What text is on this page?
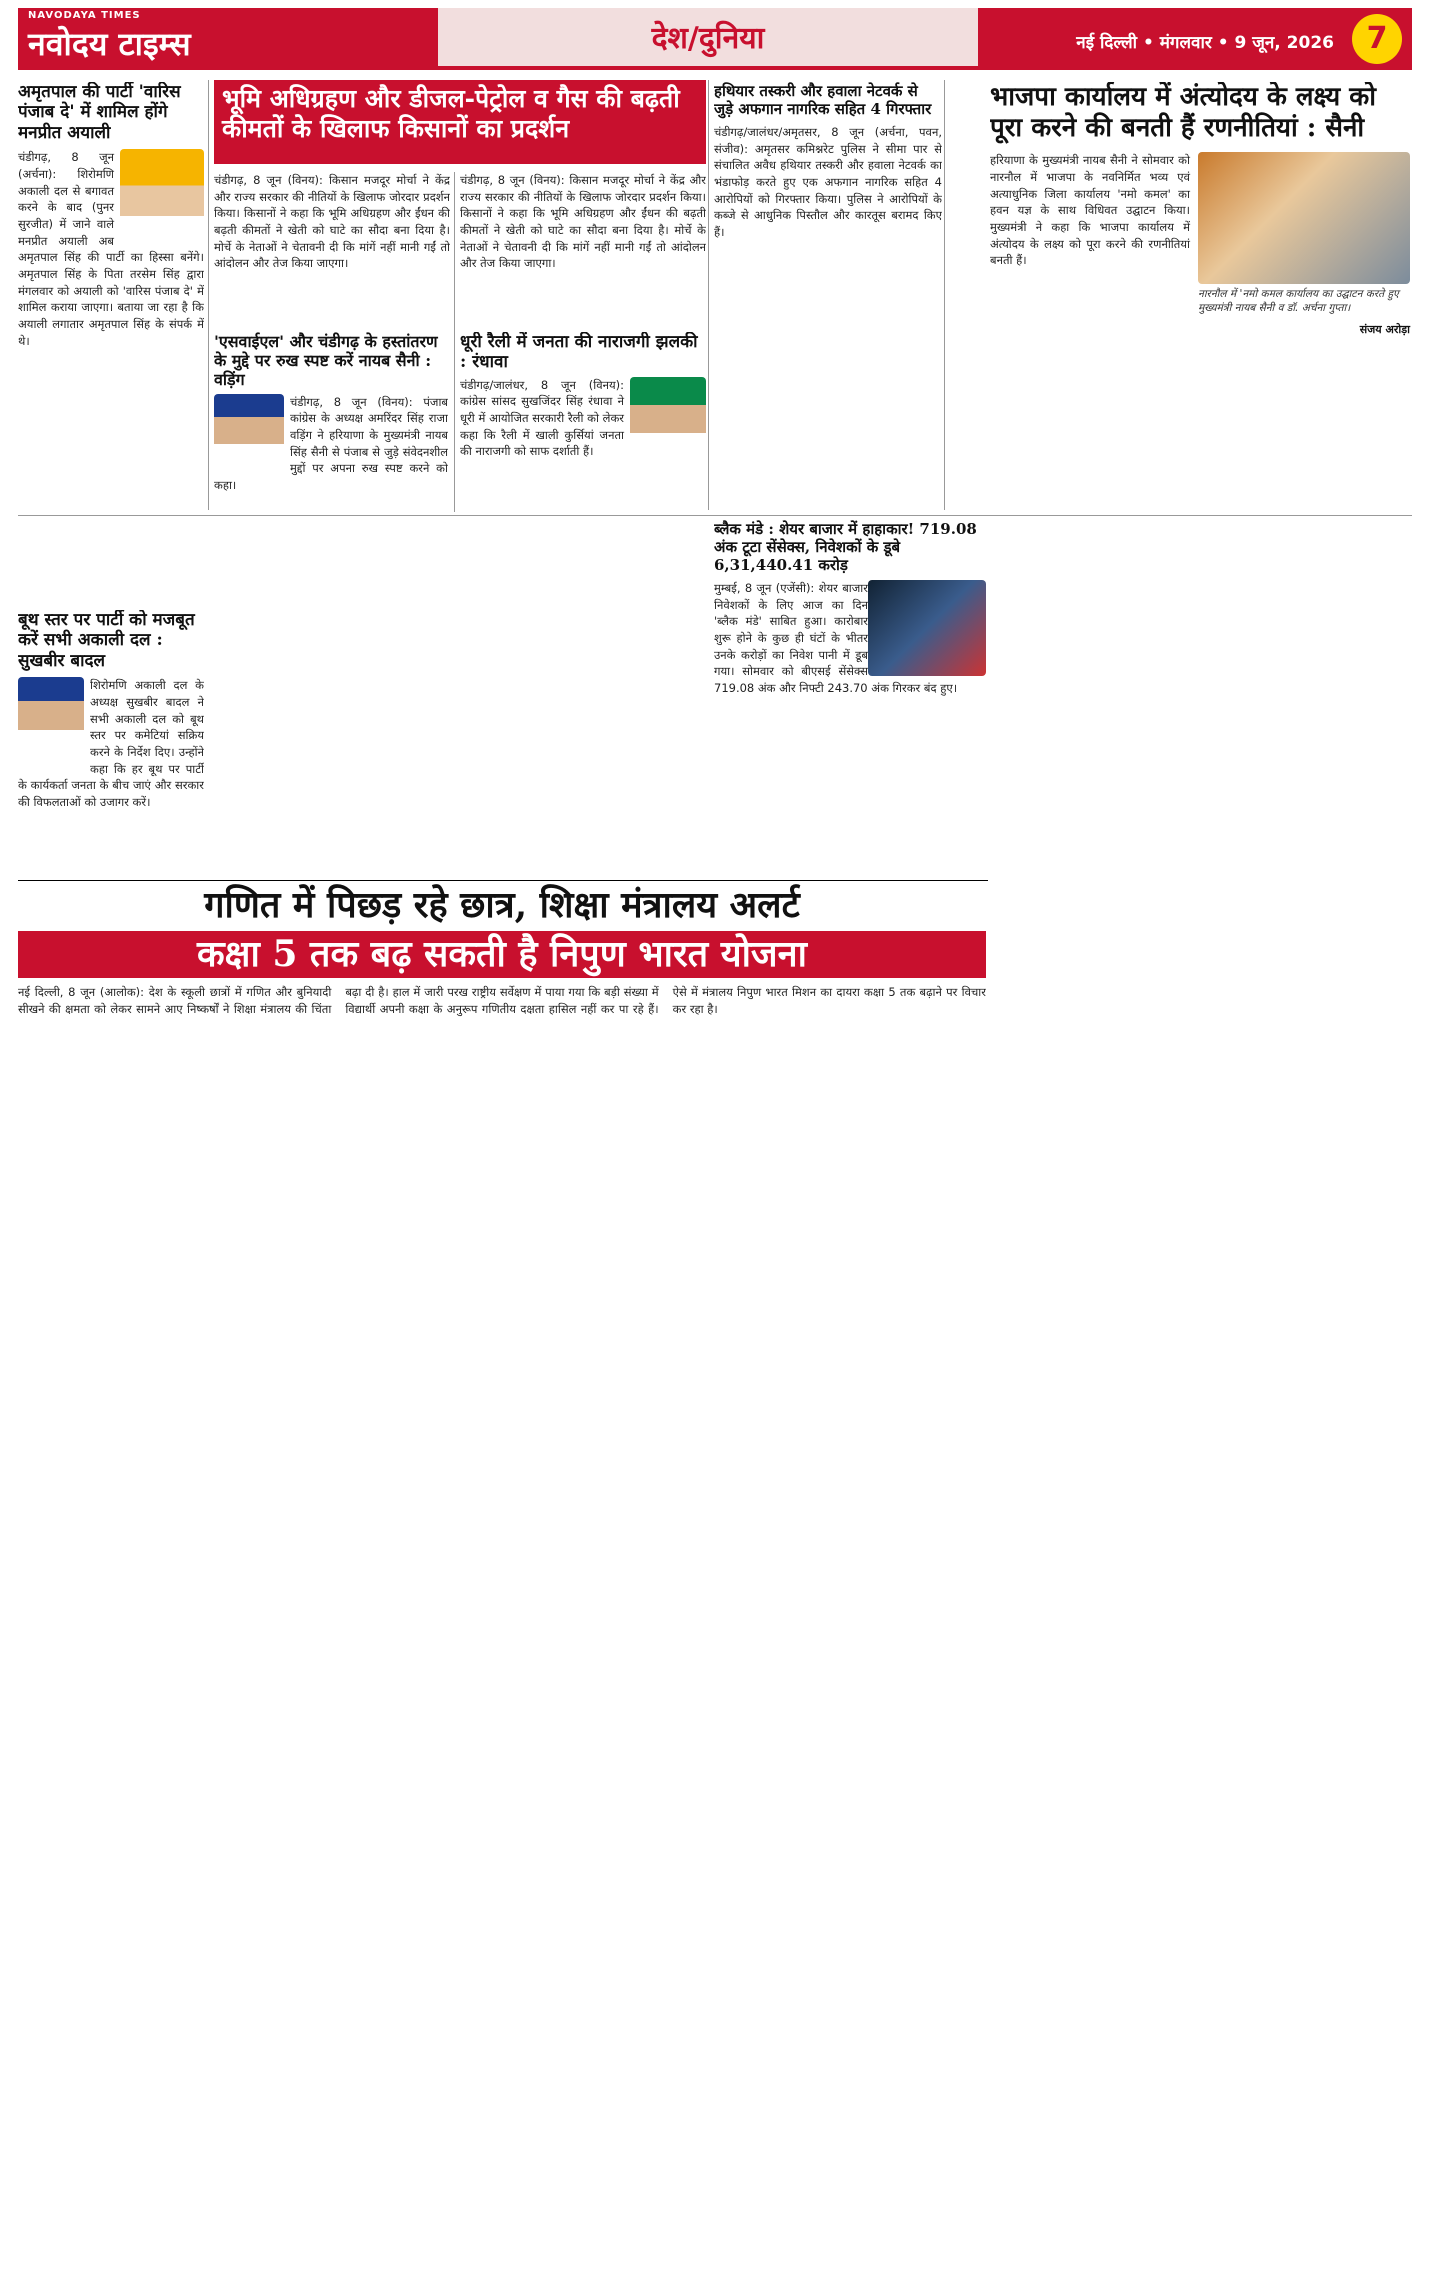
NAVODAYA TIMES
नवोदय टाइम्स	देश/दुनिया	नई दिल्ली • मंगलवार • 9 जून, 2026	7
अमृतपाल की पार्टी 'वारिस पंजाब दे' में शामिल होंगे मनप्रीत अयाली
चंडीगढ़, 8 जून (अर्चना): शिरोमणि अकाली दल से बगावत करने के बाद (पुनर सुरजीत) में जाने वाले मनप्रीत अयाली अब अमृतपाल सिंह की पार्टी का हिस्सा बनेंगे। अमृतपाल सिंह के पिता तरसेम सिंह द्वारा मंगलवार को अयाली को 'वारिस पंजाब दे' में शामिल कराया जाएगा। बताया जा रहा है कि अयाली लगातार अमृतपाल सिंह के संपर्क में थे।
भूमि अधिग्रहण और डीजल-पेट्रोल व गैस की बढ़ती कीमतों के खिलाफ किसानों का प्रदर्शन
चंडीगढ़, 8 जून (विनय): किसान मजदूर मोर्चा ने केंद्र और राज्य सरकार की नीतियों के खिलाफ जोरदार प्रदर्शन किया। किसानों ने कहा कि भूमि अधिग्रहण और ईंधन की बढ़ती कीमतों ने खेती को घाटे का सौदा बना दिया है। मोर्चे के नेताओं ने चेतावनी दी कि मांगें नहीं मानी गईं तो आंदोलन और तेज किया जाएगा।
'एसवाईएल' और चंडीगढ़ के हस्तांतरण के मुद्दे पर रुख स्पष्ट करें नायब सैनी : वड़िंग
चंडीगढ़, 8 जून (विनय): पंजाब कांग्रेस के अध्यक्ष अमरिंदर सिंह राजा वड़िंग ने हरियाणा के मुख्यमंत्री नायब सिंह सैनी से पंजाब से जुड़े संवेदनशील मुद्दों पर अपना रुख स्पष्ट करने को कहा।
चंडीगढ़, 8 जून (विनय): किसान मजदूर मोर्चा ने केंद्र और राज्य सरकार की नीतियों के खिलाफ जोरदार प्रदर्शन किया। किसानों ने कहा कि भूमि अधिग्रहण और ईंधन की बढ़ती कीमतों ने खेती को घाटे का सौदा बना दिया है। मोर्चे के नेताओं ने चेतावनी दी कि मांगें नहीं मानी गईं तो आंदोलन और तेज किया जाएगा।
धूरी रैली में जनता की नाराजगी झलकी : रंधावा
चंडीगढ़/जालंधर, 8 जून (विनय): कांग्रेस सांसद सुखजिंदर सिंह रंधावा ने धूरी में आयोजित सरकारी रैली को लेकर कहा कि रैली में खाली कुर्सियां जनता की नाराजगी को साफ दर्शाती हैं।
हथियार तस्करी और हवाला नेटवर्क से जुड़े अफगान नागरिक सहित 4 गिरफ्तार
चंडीगढ़/जालंधर/अमृतसर, 8 जून (अर्चना, पवन, संजीव): अमृतसर कमिश्नरेट पुलिस ने सीमा पार से संचालित अवैध हथियार तस्करी और हवाला नेटवर्क का भंडाफोड़ करते हुए एक अफगान नागरिक सहित 4 आरोपियों को गिरफ्तार किया। पुलिस ने आरोपियों के कब्जे से आधुनिक पिस्तौल और कारतूस बरामद किए हैं।
भाजपा कार्यालय में अंत्योदय के लक्ष्य को पूरा करने की बनती हैं रणनीतियां : सैनी
हरियाणा के मुख्यमंत्री नायब सैनी ने सोमवार को नारनौल में भाजपा के नवनिर्मित भव्य एवं अत्याधुनिक जिला कार्यालय 'नमो कमल' का हवन यज्ञ के साथ विधिवत उद्घाटन किया। मुख्यमंत्री ने कहा कि भाजपा कार्यालय में अंत्योदय के लक्ष्य को पूरा करने की रणनीतियां बनती हैं।
नारनौल में 'नमो कमल कार्यालय का उद्घाटन करते हुए मुख्यमंत्री नायब सैनी व डॉ. अर्चना गुप्ता।
संजय अरोड़ा
बूथ स्तर पर पार्टी को मजबूत करें सभी अकाली दल : सुखबीर बादल
शिरोमणि अकाली दल के अध्यक्ष सुखबीर बादल ने सभी अकाली दल को बूथ स्तर पर कमेटियां सक्रिय करने के निर्देश दिए। उन्होंने कहा कि हर बूथ पर पार्टी के कार्यकर्ता जनता के बीच जाएं और सरकार की विफलताओं को उजागर करें।
ब्लैक मंडे : शेयर बाजार में हाहाकार! 719.08 अंक टूटा सेंसेक्स, निवेशकों के डूबे 6,31,440.41 करोड़
मुम्बई, 8 जून (एजेंसी): शेयर बाजार निवेशकों के लिए आज का दिन 'ब्लैक मंडे' साबित हुआ। कारोबार शुरू होने के कुछ ही घंटों के भीतर उनके करोड़ों का निवेश पानी में डूब गया। सोमवार को बीएसई सेंसेक्स 719.08 अंक और निफ्टी 243.70 अंक गिरकर बंद हुए।
गणित में पिछड़ रहे छात्र, शिक्षा मंत्रालय अलर्ट
कक्षा 5 तक बढ़ सकती है निपुण भारत योजना
नई दिल्ली, 8 जून (आलोक): देश के स्कूली छात्रों में गणित और बुनियादी सीखने की क्षमता को लेकर सामने आए निष्कर्षों ने शिक्षा मंत्रालय की चिंता बढ़ा दी है। हाल में जारी परख राष्ट्रीय सर्वेक्षण में पाया गया कि बड़ी संख्या में विद्यार्थी अपनी कक्षा के अनुरूप गणितीय दक्षता हासिल नहीं कर पा रहे हैं। ऐसे में मंत्रालय निपुण भारत मिशन का दायरा कक्षा 5 तक बढ़ाने पर विचार कर रहा है।
